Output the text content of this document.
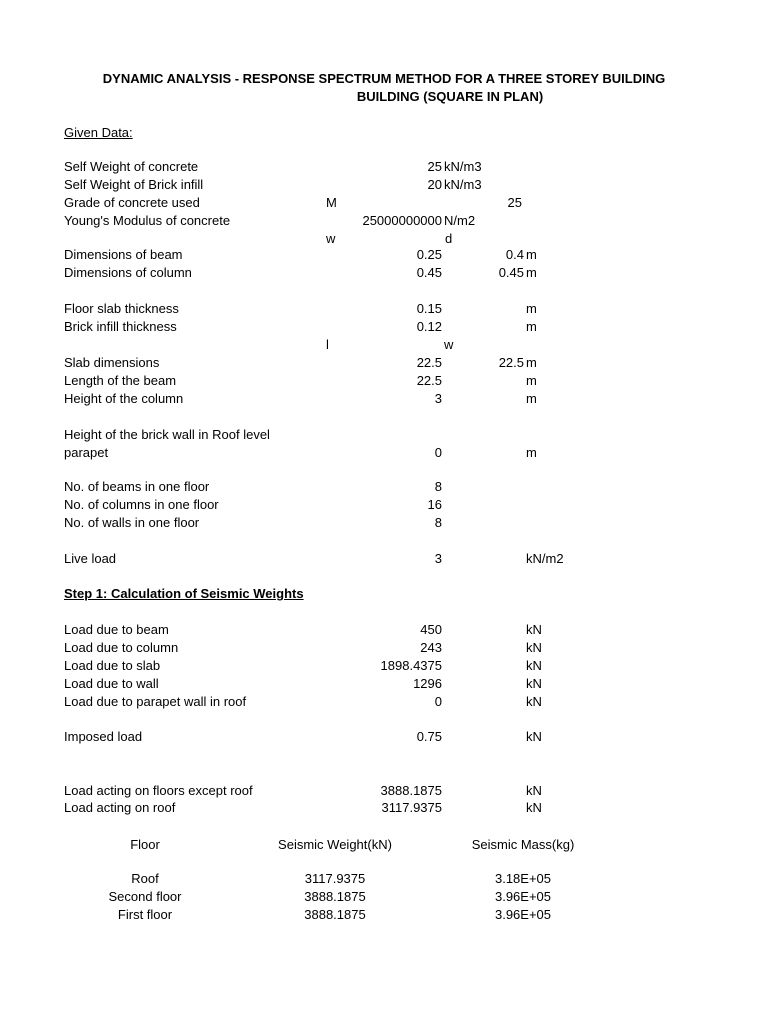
DYNAMIC ANALYSIS - RESPONSE SPECTRUM METHOD FOR A THREE STOREY BUILDING
BUILDING (SQUARE IN PLAN)
Given Data:
Self Weight of concrete	25 kN/m3
Self Weight of Brick infill	20 kN/m3
Grade of concrete used	M	25
Young's Modulus of concrete	25000000000 N/m2
w	d
Dimensions of beam	0.25	0.4 m
Dimensions of column	0.45	0.45 m
Floor slab thickness	0.15	m
Brick infill thickness	0.12	m
l	w
Slab dimensions	22.5	22.5 m
Length of the beam	22.5	m
Height of the column	3	m
Height of the brick wall in Roof level
parapet	0	m
No. of beams in one floor	8
No. of columns in one floor	16
No. of walls in one floor	8
Live load	3	kN/m2
Step 1: Calculation of Seismic Weights
Load due to beam	450	kN
Load due to column	243	kN
Load due to slab	1898.4375	kN
Load due to wall	1296	kN
Load due to parapet wall in roof	0	kN
Imposed load	0.75	kN
Load acting on floors except roof	3888.1875	kN
Load acting on roof	3117.9375	kN
Floor	Seismic Weight(kN)	Seismic Mass(kg)
Roof	3117.9375	3.18E+05
Second floor	3888.1875	3.96E+05
First floor	3888.1875	3.96E+05
